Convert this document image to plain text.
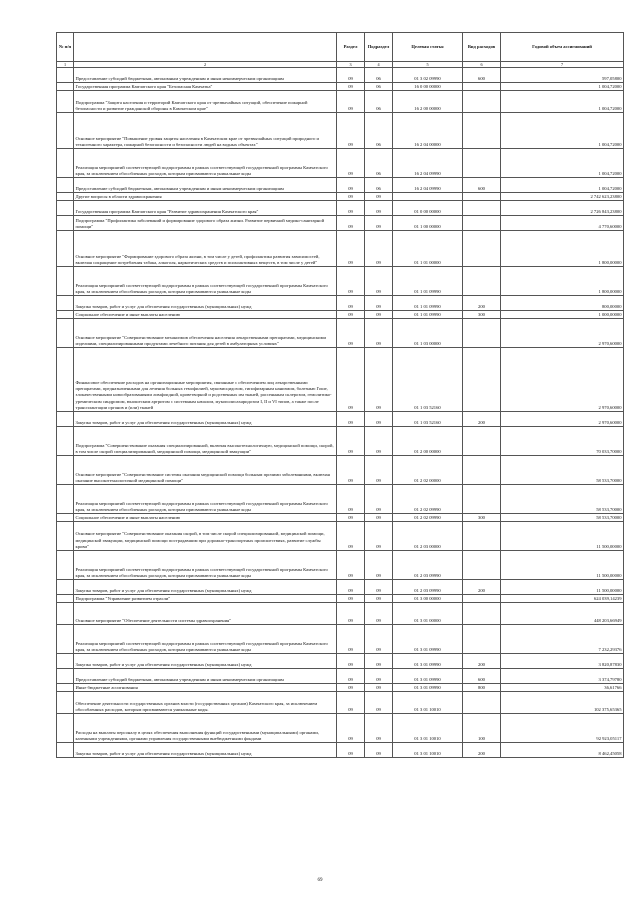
№ п/п		Раздел	Подраздел	Целевая статья	Вид расходов	Годовой объем ассигнований
1	2	3	4	5	6	7
	Предоставление субсидий бюджетным, автономным учреждениям и иным некоммерческим организациям	09	06	01 3 02 09990	600	597,05800
	Государственная программа Камчатского края "Безопасная Камчатка"	09	06	16 0 00 00000		1 004,72000
	Подпрограмма "Защита населения и территорий Камчатского края от чрезвычайных ситуаций, обеспечение пожарной безопасности и развитие гражданской обороны в Камчатском крае"	09	06	16 2 00 00000		1 004,72000
	Основное мероприятие "Повышение уровня защиты населения в Камчатском крае от чрезвычайных ситуаций природного и техногенного характера, пожарной безопасности и безопасности людей на водных объектах"	09	06	16 2 04 00000		1 004,72000
	Реализация мероприятий соответствующей подпрограммы в рамках соответствующей государственной программы Камчатского края, за исключением обособленных расходов, которым присваиваются уникальные коды	09	06	16 2 04 09990		1 004,72000
	Предоставление субсидий бюджетным, автономным учреждениям и иным некоммерческим организациям	09	06	16 2 04 09990	600	1 004,72000
	Другие вопросы в области здравоохранения	09	09			2 742 623,23800
	Государственная программа Камчатского края "Развитие здравоохранения Камчатского края"	09	09	01 0 00 00000		2 726 843,23800
	Подпрограмма "Профилактика заболеваний и формирование здорового образа жизни. Развитие первичной медико-санитарной помощи"	09	09	01 1 00 00000		4 770,60000
	Основное мероприятие "Формирование здорового образа жизни, в том числе у детей, профилактика развития зависимостей, включая сокращение потребления табака, алкоголя, наркотических средств и психоактивных веществ, в том числе у детей"	09	09	01 1 01 00000		1 800,00000
	Реализация мероприятий соответствующей подпрограммы в рамках соответствующей государственной программы Камчатского края, за исключением обособленных расходов, которым присваиваются уникальные коды	09	09	01 1 01 09990		1 800,00000
	Закупка товаров, работ и услуг для обеспечения государственных (муниципальных) нужд	09	09	01 1 01 09990	200	800,00000
	Социальное обеспечение и иные выплаты населению	09	09	01 1 01 09990	300	1 000,00000
	Основное мероприятие "Совершенствование механизмов обеспечения населения лекарственными препаратами, медицинскими изделиями, специализированными продуктами лечебного питания для детей в амбулаторных условиях"	09	09	01 1 03 00000		2 970,60000
	Финансовое обеспечение расходов на организационные мероприятия, связанные с обеспечением лиц лекарственными препаратами, предназначенными для лечения больных гемофилией, муковисцидозом, гипофизарным нанизмом, болезнью Гоше, злокачественными новообразованиями лимфоидной, кроветворной и родственных им тканей, рассеянным склерозом, гемолитико-уремическим синдромом, юношеским артритом с системным началом, мукополисахаридозом I, II и VI типов, а также после трансплантации органов и (или) тканей	09	09	01 1 03 52160		2 970,60000
	Закупка товаров, работ и услуг для обеспечения государственных (муниципальных) нужд	09	09	01 1 03 52160	200	2 970,60000
	Подпрограмма "Совершенствование оказания специализированной, включая высокотехнологичную, медицинской помощи, скорой, в том числе скорой специализированной, медицинской помощи, медицинской эвакуации"	09	09	01 2 00 00000		70 033,70000
	Основное мероприятие "Совершенствование системы оказания медицинской помощи больным прочими заболеваниями, включая оказание высокотехнологичной медицинской помощи"	09	09	01 2 02 00000		58 533,70000
	Реализация мероприятий соответствующей подпрограммы в рамках соответствующей государственной программы Камчатского края, за исключением обособленных расходов, которым присваиваются уникальные коды	09	09	01 2 02 09990		58 533,70000
	Социальное обеспечение и иные выплаты населению	09	09	01 2 02 09990	300	58 533,70000
	Основное мероприятие "Совершенствование оказания скорой, в том числе скорой специализированной, медицинской помощи, медицинской эвакуации, медицинской помощи пострадавшим при дорожно-транспортных происшествиях, развитие службы крови"	09	09	01 2 03 00000		11 500,00000
	Реализация мероприятий соответствующей подпрограммы в рамках соответствующей государственной программы Камчатского края, за исключением обособленных расходов, которым присваиваются уникальные коды	09	09	01 2 03 09990		11 500,00000
	Закупка товаров, работ и услуг для обеспечения государственных (муниципальных) нужд	09	09	01 2 03 09990	200	11 500,00000
	Подпрограмма "Управление развитием отрасли"	09	09	01 3 00 00000		624 039,14239
	Основное мероприятие "Обеспечение деятельности системы здравоохранения"	09	09	01 3 01 00000		448 203,66949
	Реализация мероприятий соответствующей подпрограммы в рамках соответствующей государственной программы Камчатского края, за исключением обособленных расходов, которым присваиваются уникальные коды	09	09	01 3 01 09990		7 232,29376
	Закупка товаров, работ и услуг для обеспечения государственных (муниципальных) нужд	09	09	01 3 01 09990	200	3 820,87830
	Предоставление субсидий бюджетным, автономным учреждениям и иным некоммерческим организациям	09	09	01 3 01 09990	600	3 374,79780
	Иные бюджетные ассигнования	09	09	01 3 01 09990	800	36,61766
	Обеспечение деятельности государственных органов власти (государственных органов) Камчатского края, за исключением обособленных расходов, которым присваиваются уникальные коды.	09	09	01 3 01 10010		102 375,65365
	Расходы на выплаты персоналу в целях обеспечения выполнения функций государственными (муниципальными) органами, казенными учреждениями, органами управления государственными внебюджетными фондами	09	09	01 3 01 10010	100	92 923,05117
	Закупка товаров, работ и услуг для обеспечения государственных (муниципальных) нужд	09	09	01 3 01 10010	200	8 462,45058
69
